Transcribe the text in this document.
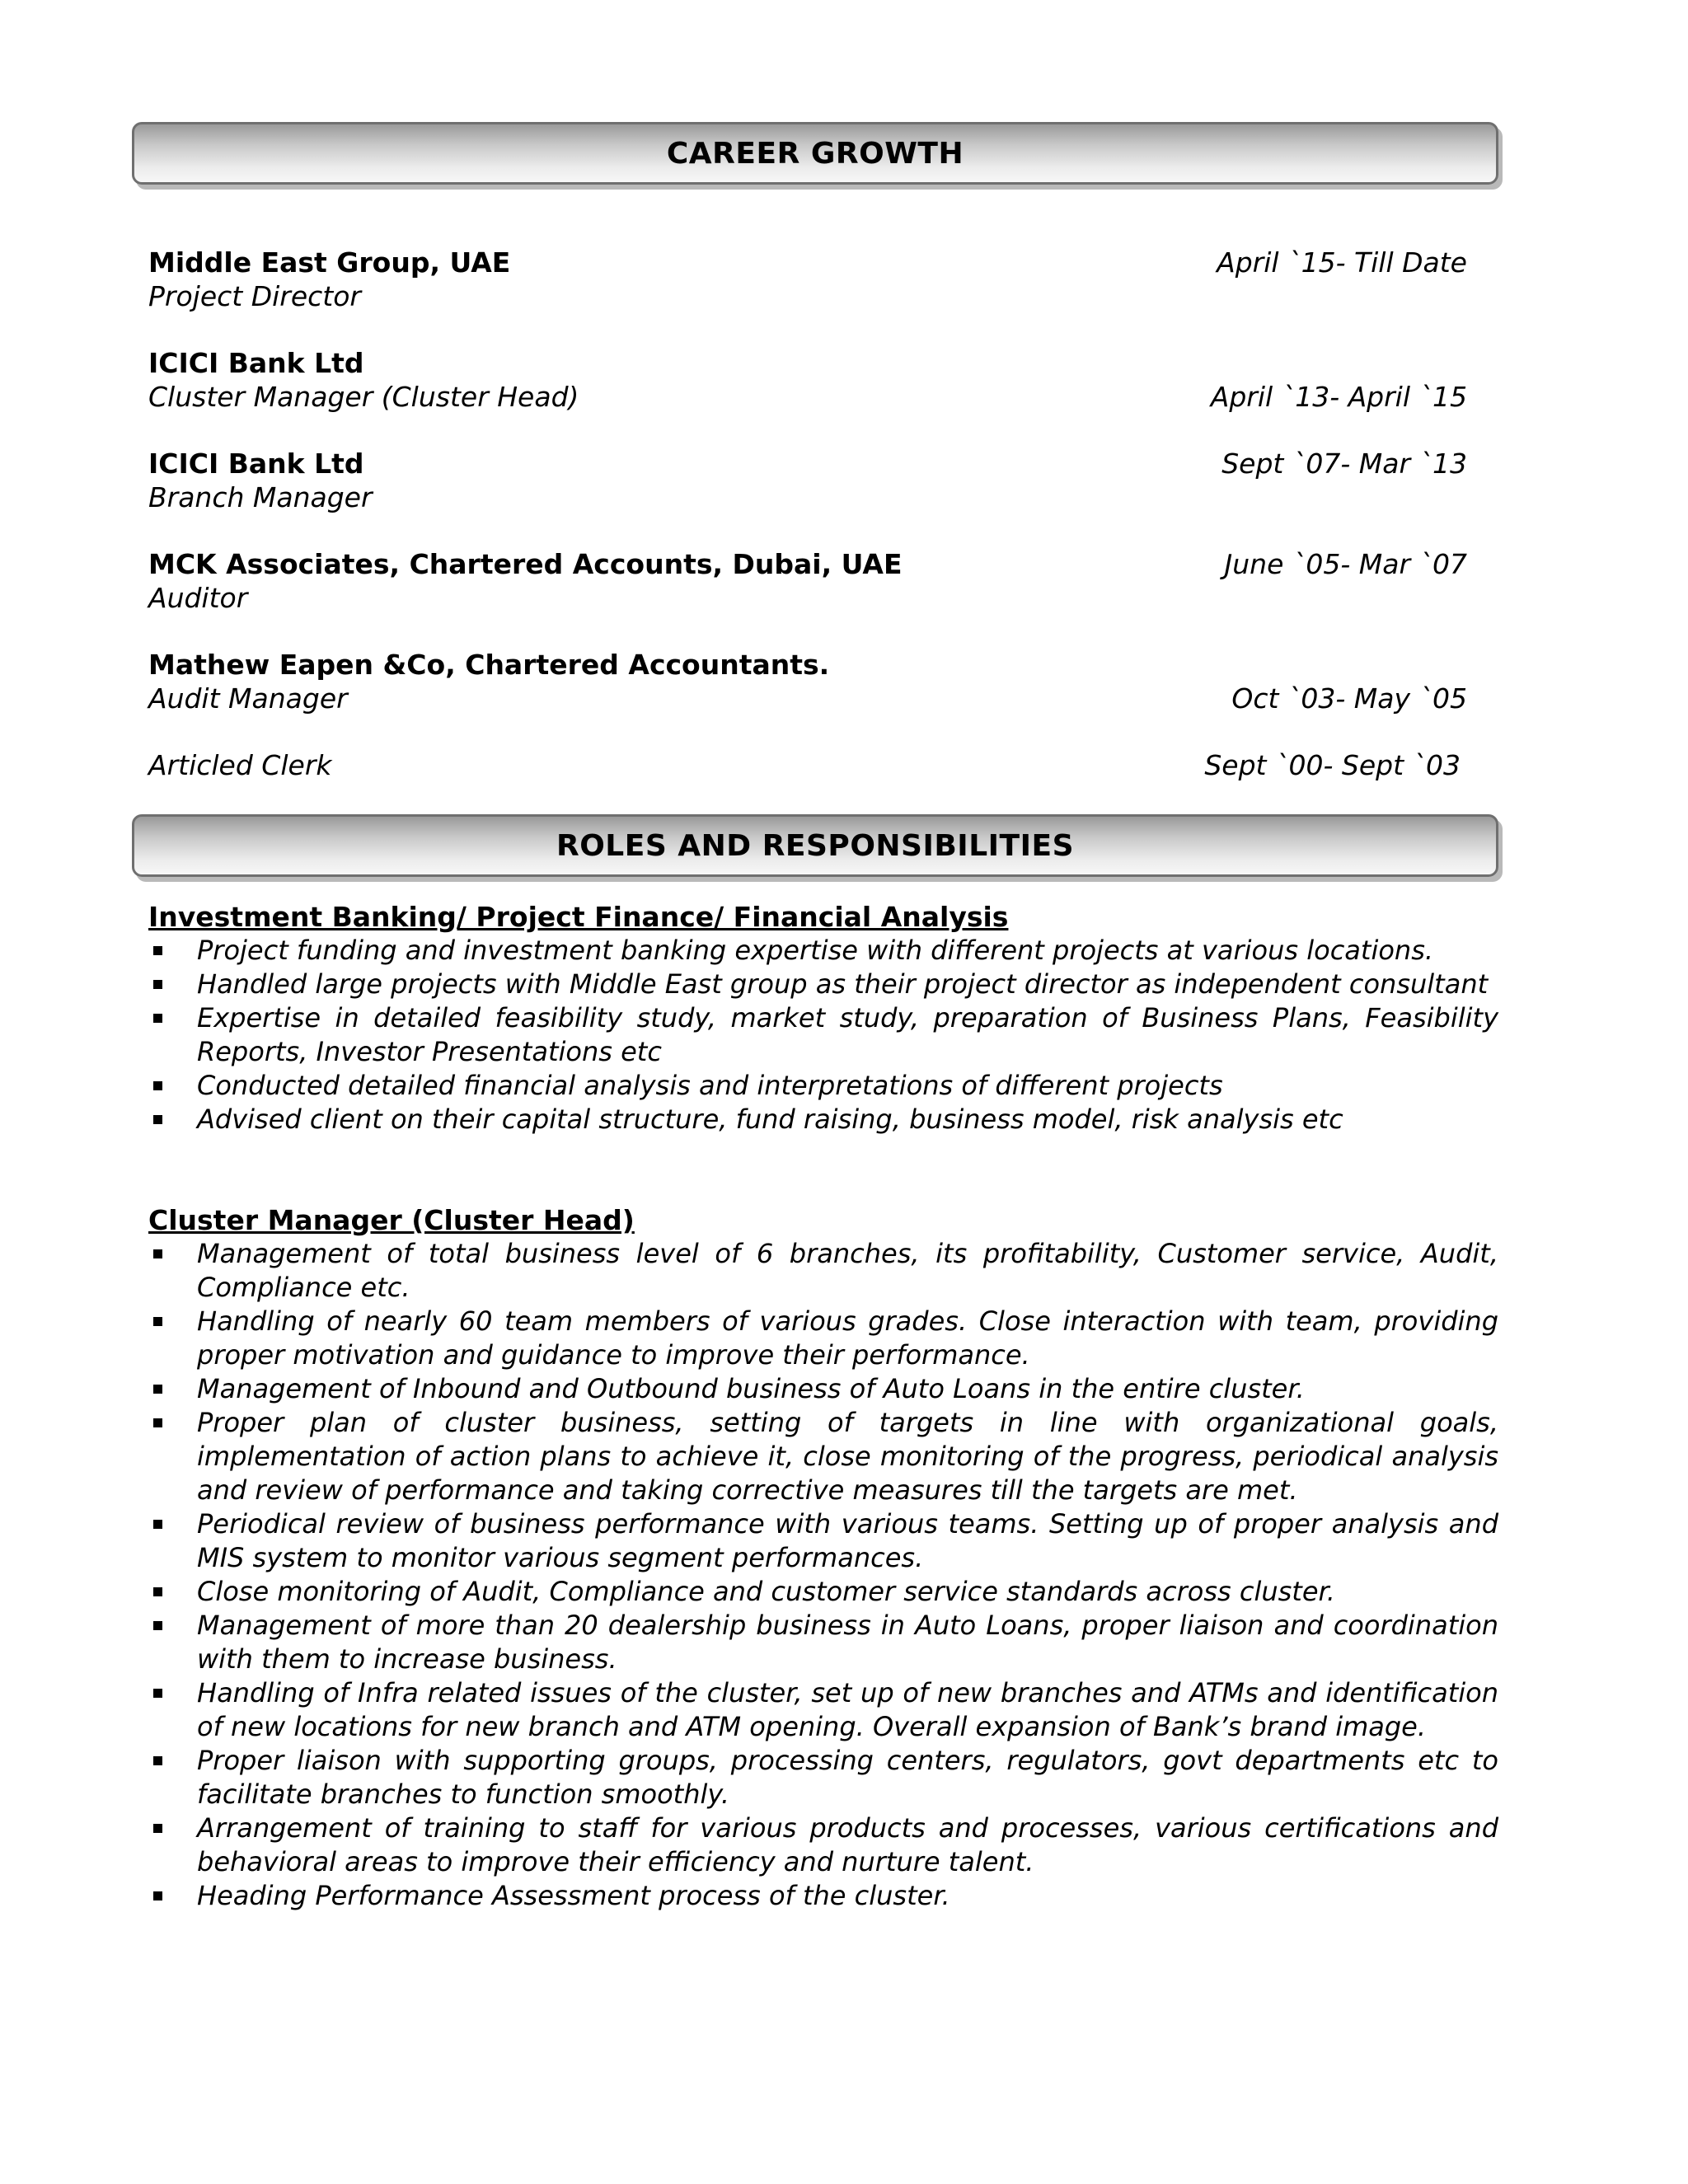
CAREER GROWTH
Middle East Group, UAE	April `15- Till Date
Project Director
ICICI Bank Ltd
Cluster Manager (Cluster Head)	April `13- April `15
ICICI Bank Ltd	Sept `07- Mar `13
Branch Manager
MCK Associates, Chartered Accounts, Dubai, UAE	June `05- Mar `07
Auditor
Mathew Eapen &Co, Chartered Accountants.
Audit Manager	Oct `03- May `05
Articled Clerk	Sept `00- Sept `03
ROLES AND RESPONSIBILITIES
Investment Banking/ Project Finance/ Financial Analysis
Project funding and investment banking expertise with different projects at various locations.
Handled large projects with Middle East group as their project director as independent consultant
Expertise in detailed feasibility study, market study, preparation of Business Plans, Feasibility Reports, Investor Presentations etc
Conducted detailed financial analysis and interpretations of different projects
Advised client on their capital structure, fund raising, business model, risk analysis etc
Cluster Manager (Cluster Head)
Management of total business level of 6 branches, its profitability, Customer service, Audit, Compliance etc.
Handling of nearly 60 team members of various grades. Close interaction with team, providing proper motivation and guidance to improve their performance.
Management of Inbound and Outbound business of Auto Loans in the entire cluster.
Proper plan of cluster business, setting of targets in line with organizational goals, implementation of action plans to achieve it, close monitoring of the progress, periodical analysis and review of performance and taking corrective measures till the targets are met.
Periodical review of business performance with various teams. Setting up of proper analysis and MIS system to monitor various segment performances.
Close monitoring of Audit, Compliance and customer service standards across cluster.
Management of more than 20 dealership business in Auto Loans, proper liaison and coordination with them to increase business.
Handling of Infra related issues of the cluster, set up of new branches and ATMs and identification of new locations for new branch and ATM opening. Overall expansion of Bank’s brand image.
Proper liaison with supporting groups, processing centers, regulators, govt departments etc to facilitate branches to function smoothly.
Arrangement of training to staff for various products and processes, various certifications and behavioral areas to improve their efficiency and nurture talent.
Heading Performance Assessment process of the cluster.
